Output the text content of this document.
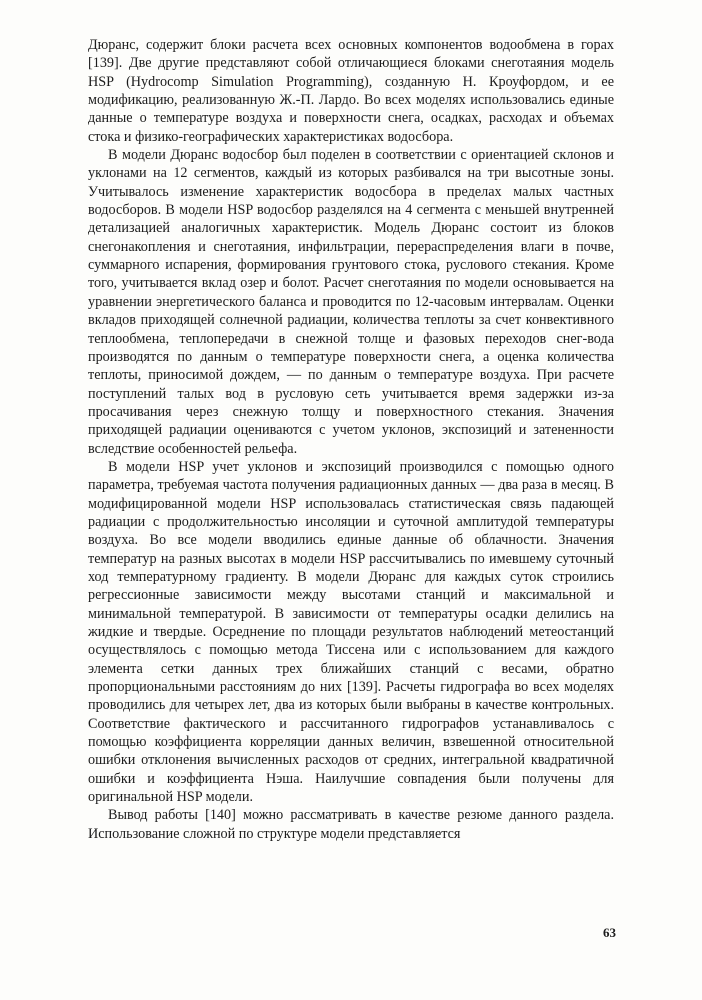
Дюранс, содержит блоки расчета всех основных компонентов водообмена в горах [139]. Две другие представляют собой отличающиеся блоками снеготаяния модель HSP (Hydrocomp Simulation Programming), созданную Н. Кроуфордом, и ее модификацию, реализованную Ж.-П. Лардо. Во всех моделях использовались единые данные о температуре воздуха и поверхности снега, осадках, расходах и объемах стока и физико-географических характеристиках водосбора.

В модели Дюранс водосбор был поделен в соответствии с ориентацией склонов и уклонами на 12 сегментов, каждый из которых разбивался на три высотные зоны. Учитывалось изменение характеристик водосбора в пределах малых частных водосборов. В модели HSP водосбор разделялся на 4 сегмента с меньшей внутренней детализацией аналогичных характеристик. Модель Дюранс состоит из блоков снегонакопления и снеготаяния, инфильтрации, перераспределения влаги в почве, суммарного испарения, формирования грунтового стока, руслового стекания. Кроме того, учитывается вклад озер и болот. Расчет снеготаяния по модели основывается на уравнении энергетического баланса и проводится по 12-часовым интервалам. Оценки вкладов приходящей солнечной радиации, количества теплоты за счет конвективного теплообмена, теплопередачи в снежной толще и фазовых переходов снег-вода производятся по данным о температуре поверхности снега, а оценка количества теплоты, приносимой дождем, — по данным о температуре воздуха. При расчете поступлений талых вод в русловую сеть учитывается время задержки из-за просачивания через снежную толщу и поверхностного стекания. Значения приходящей радиации оцениваются с учетом уклонов, экспозиций и затененности вследствие особенностей рельефа.

В модели HSP учет уклонов и экспозиций производился с помощью одного параметра, требуемая частота получения радиационных данных — два раза в месяц. В модифицированной модели HSP использовалась статистическая связь падающей радиации с продолжительностью инсоляции и суточной амплитудой температуры воздуха. Во все модели вводились единые данные об облачности. Значения температур на разных высотах в модели HSP рассчитывались по имевшему суточный ход температурному градиенту. В модели Дюранс для каждых суток строились регрессионные зависимости между высотами станций и максимальной и минимальной температурой. В зависимости от температуры осадки делились на жидкие и твердые. Осреднение по площади результатов наблюдений метеостанций осуществлялось с помощью метода Тиссена или с использованием для каждого элемента сетки данных трех ближайших станций с весами, обратно пропорциональными расстояниям до них [139]. Расчеты гидрографа во всех моделях проводились для четырех лет, два из которых были выбраны в качестве контрольных. Соответствие фактического и рассчитанного гидрографов устанавливалось с помощью коэффициента корреляции данных величин, взвешенной относительной ошибки отклонения вычисленных расходов от средних, интегральной квадратичной ошибки и коэффициента Нэша. Наилучшие совпадения были получены для оригинальной HSP модели.

Вывод работы [140] можно рассматривать в качестве резюме данного раздела. Использование сложной по структуре модели представляется

63
